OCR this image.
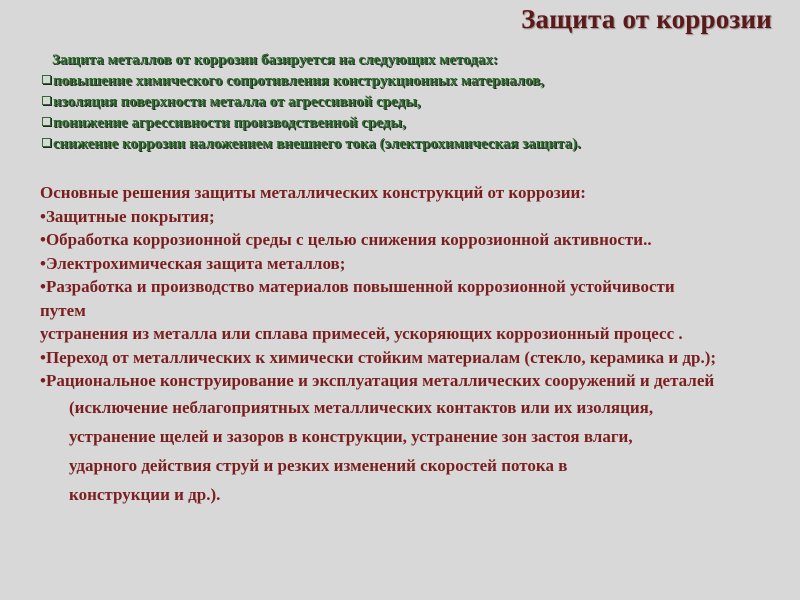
Защита от коррозии
Защита металлов от коррозии базируется на следующих методах:
повышение химического сопротивления конструкционных материалов,
изоляция поверхности металла от агрессивной среды,
понижение агрессивности производственной среды,
снижение коррозии наложением внешнего тока (электрохимическая защита).

Основные решения защиты металлических конструкций от коррозии:

•Защитные покрытия;

•Обработка коррозионной среды с целью снижения коррозионной активности..

•Электрохимическая защита металлов;

•Разработка и производство материалов повышенной коррозионной устойчивости путем

устранения из металла или сплава примесей, ускоряющих коррозионный процесс .

•Переход от металлических к химически стойким материалам (стекло, керамика и др.);

•Рациональное конструирование и эксплуатация металлических сооружений и деталей

(исключение неблагоприятных металлических контактов или их изоляция,

устранение щелей и зазоров в конструкции, устранение зон застоя влаги,

ударного действия струй и резких изменений скоростей потока в

конструкции и др.).
